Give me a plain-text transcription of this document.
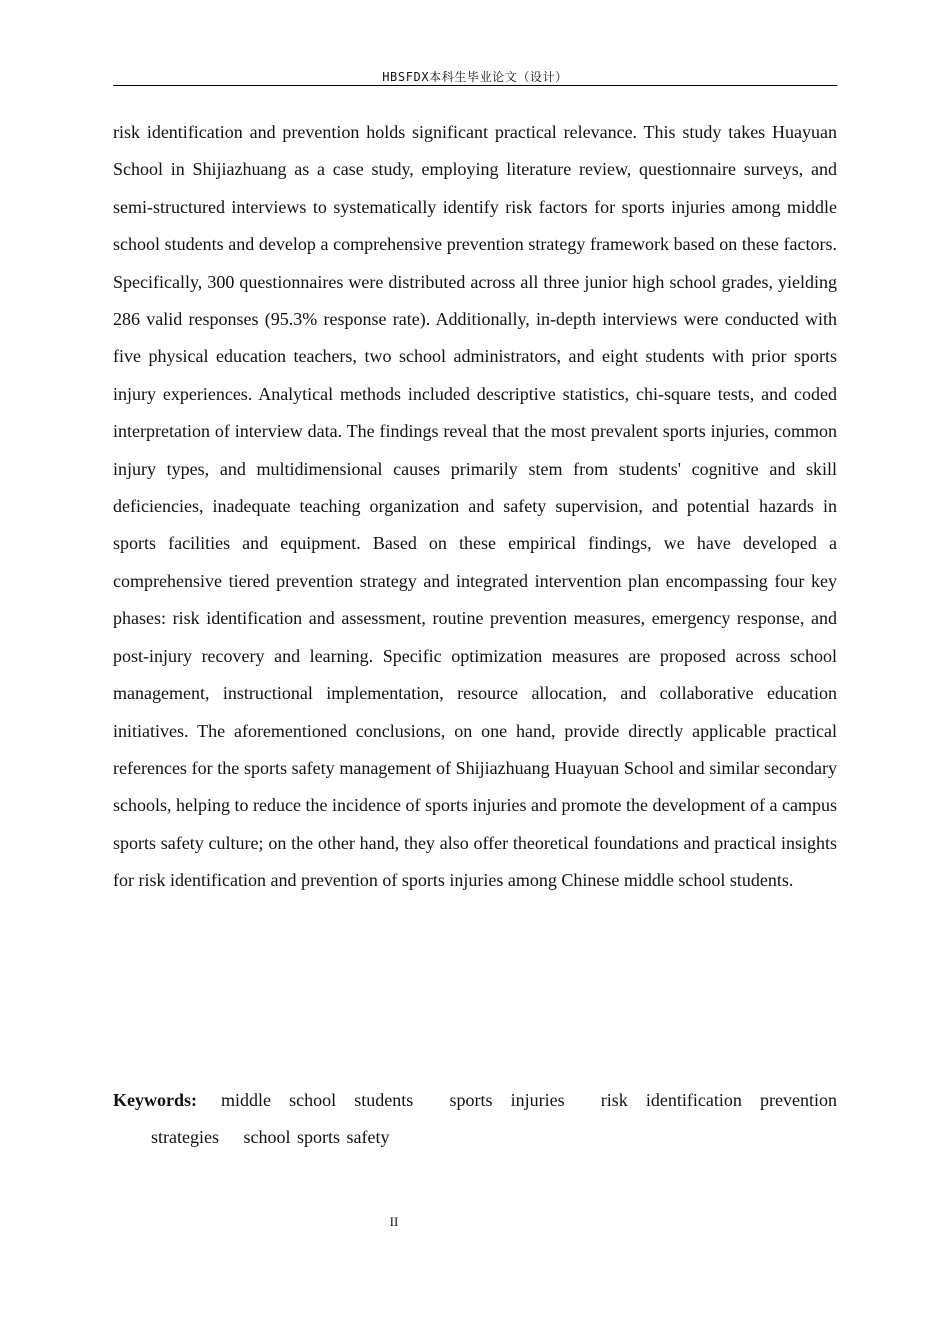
HBSFDX本科生毕业论文（设计）

risk identification and prevention holds significant practical relevance. This study takes Huayuan School in Shijiazhuang as a case study, employing literature review, questionnaire surveys, and semi-structured interviews to systematically identify risk factors for sports injuries among middle school students and develop a comprehensive prevention strategy framework based on these factors. Specifically, 300 questionnaires were distributed across all three junior high school grades, yielding 286 valid responses (95.3% response rate). Additionally, in-depth interviews were conducted with five physical education teachers, two school administrators, and eight students with prior sports injury experiences. Analytical methods included descriptive statistics, chi-square tests, and coded interpretation of interview data. The findings reveal that the most prevalent sports injuries, common injury types, and multidimensional causes primarily stem from students' cognitive and skill deficiencies, inadequate teaching organization and safety supervision, and potential hazards in sports facilities and equipment. Based on these empirical findings, we have developed a comprehensive tiered prevention strategy and integrated intervention plan encompassing four key phases: risk identification and assessment, routine prevention measures, emergency response, and post-injury recovery and learning. Specific optimization measures are proposed across school management, instructional implementation, resource allocation, and collaborative education initiatives. The aforementioned conclusions, on one hand, provide directly applicable practical references for the sports safety management of Shijiazhuang Huayuan School and similar secondary schools, helping to reduce the incidence of sports injuries and promote the development of a campus sports safety culture; on the other hand, they also offer theoretical foundations and practical insights for risk identification and prevention of sports injuries among Chinese middle school students.

Keywords: middle school students sports injuries risk identification prevention strategies school sports safety
II
